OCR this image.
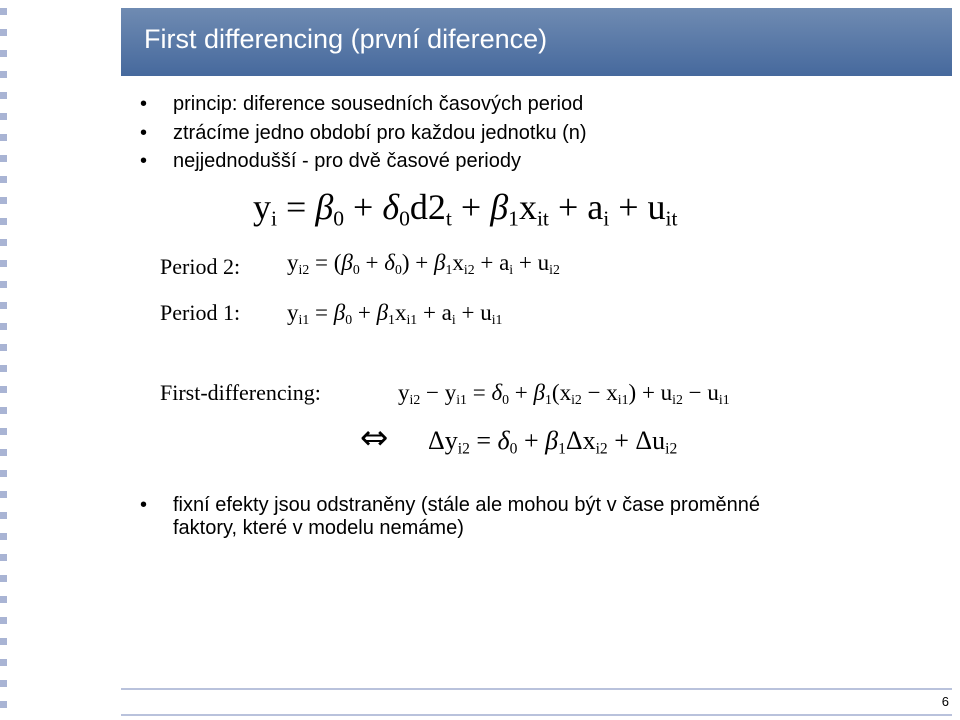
First differencing (první diference)
• princip: diference sousedních časových period
• ztrácíme jedno období pro každou jednotku (n)
• nejjednodušší - pro dvě časové periody
$y_i = \beta_0 + \delta_0d2_t + \beta_1x_{it} + a_i + u_{it}$
Period 2: $y_{i2} = (\beta_0 + \delta_0) + \beta_1x_{i2} + a_i + u_{i2}$
Period 1: $y_{i1} = \beta_0 + \beta_1x_{i1} + a_i + u_{i1}$
First-differencing:	$y_{i2} - y_{i1} = \delta_0 + \beta_1(x_{i2} - x_{i1}) + u_{i2} - u_{i1}$
⇔ $\Delta y_{i2} = \delta_0 + \beta_1\Delta x_{i2} + \Delta u_{i2}$
• fixní efekty jsou odstraněny (stále ale mohou být v čase proměnné
faktory, které v modelu nemáme)
6
